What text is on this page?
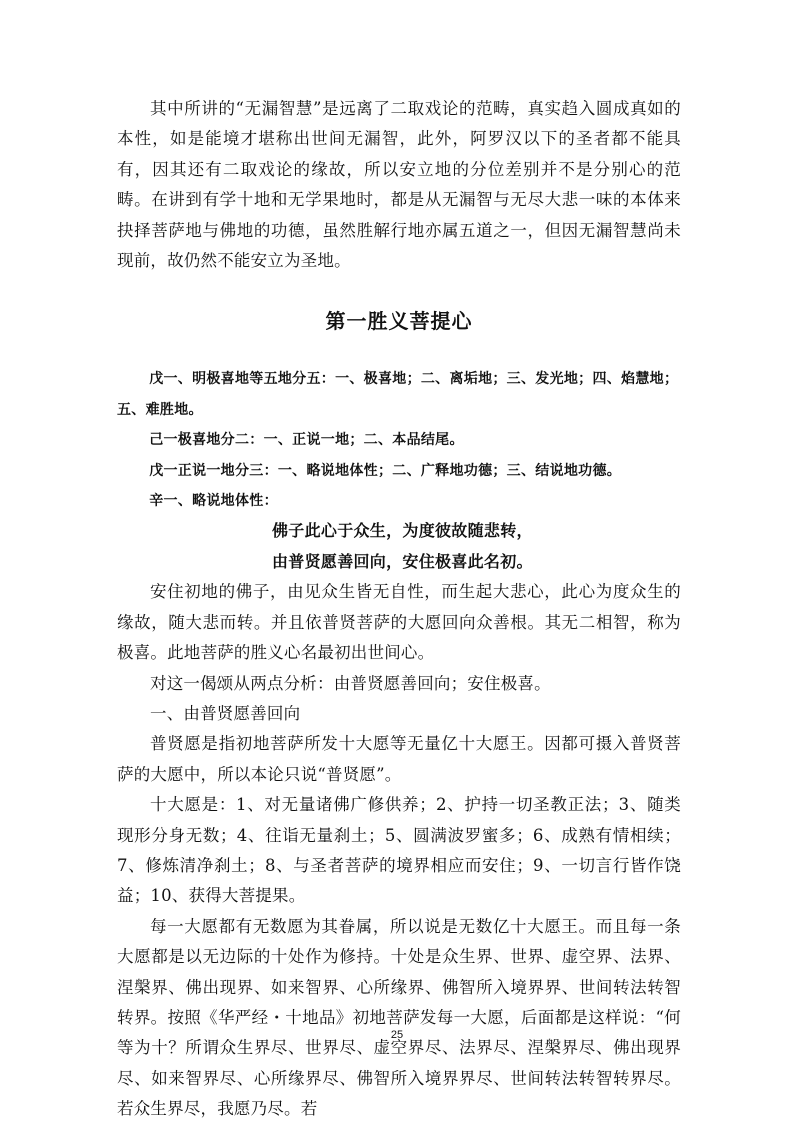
其中所讲的“无漏智慧”是远离了二取戏论的范畴，真实趋入圆成真如的本性，如是能境才堪称出世间无漏智，此外，阿罗汉以下的圣者都不能具有，因其还有二取戏论的缘故，所以安立地的分位差别并不是分别心的范畴。在讲到有学十地和无学果地时，都是从无漏智与无尽大悲一味的本体来抉择菩萨地与佛地的功德，虽然胜解行地亦属五道之一，但因无漏智慧尚未现前，故仍然不能安立为圣地。

第一胜义菩提心

戊一、明极喜地等五地分五：一、极喜地；二、离垢地；三、发光地；四、焰慧地；五、难胜地。

己一极喜地分二：一、正说一地；二、本品结尾。

戊一正说一地分三：一、略说地体性；二、广释地功德；三、结说地功德。

辛一、略说地体性：

佛子此心于众生，为度彼故随悲转，

由普贤愿善回向，安住极喜此名初。

安住初地的佛子，由见众生皆无自性，而生起大悲心，此心为度众生的缘故，随大悲而转。并且依普贤菩萨的大愿回向众善根。其无二相智，称为极喜。此地菩萨的胜义心名最初出世间心。

对这一偈颂从两点分析：由普贤愿善回向；安住极喜。

一、由普贤愿善回向

普贤愿是指初地菩萨所发十大愿等无量亿十大愿王。因都可摄入普贤菩萨的大愿中，所以本论只说“普贤愿”。

十大愿是：1、对无量诸佛广修供养；2、护持一切圣教正法；3、随类现形分身无数；4、往诣无量刹土；5、圆满波罗蜜多；6、成熟有情相续；7、修炼清净刹土；8、与圣者菩萨的境界相应而安住；9、一切言行皆作饶益；10、获得大菩提果。

每一大愿都有无数愿为其眷属，所以说是无数亿十大愿王。而且每一条大愿都是以无边际的十处作为修持。十处是众生界、世界、虚空界、法界、涅槃界、佛出现界、如来智界、心所缘界、佛智所入境界界、世间转法转智转界。按照《华严经・十地品》初地菩萨发每一大愿，后面都是这样说：“何等为十？所谓众生界尽、世界尽、虚空界尽、法界尽、涅槃界尽、佛出现界尽、如来智界尽、心所缘界尽、佛智所入境界界尽、世间转法转智转界尽。若众生界尽，我愿乃尽。若

25
